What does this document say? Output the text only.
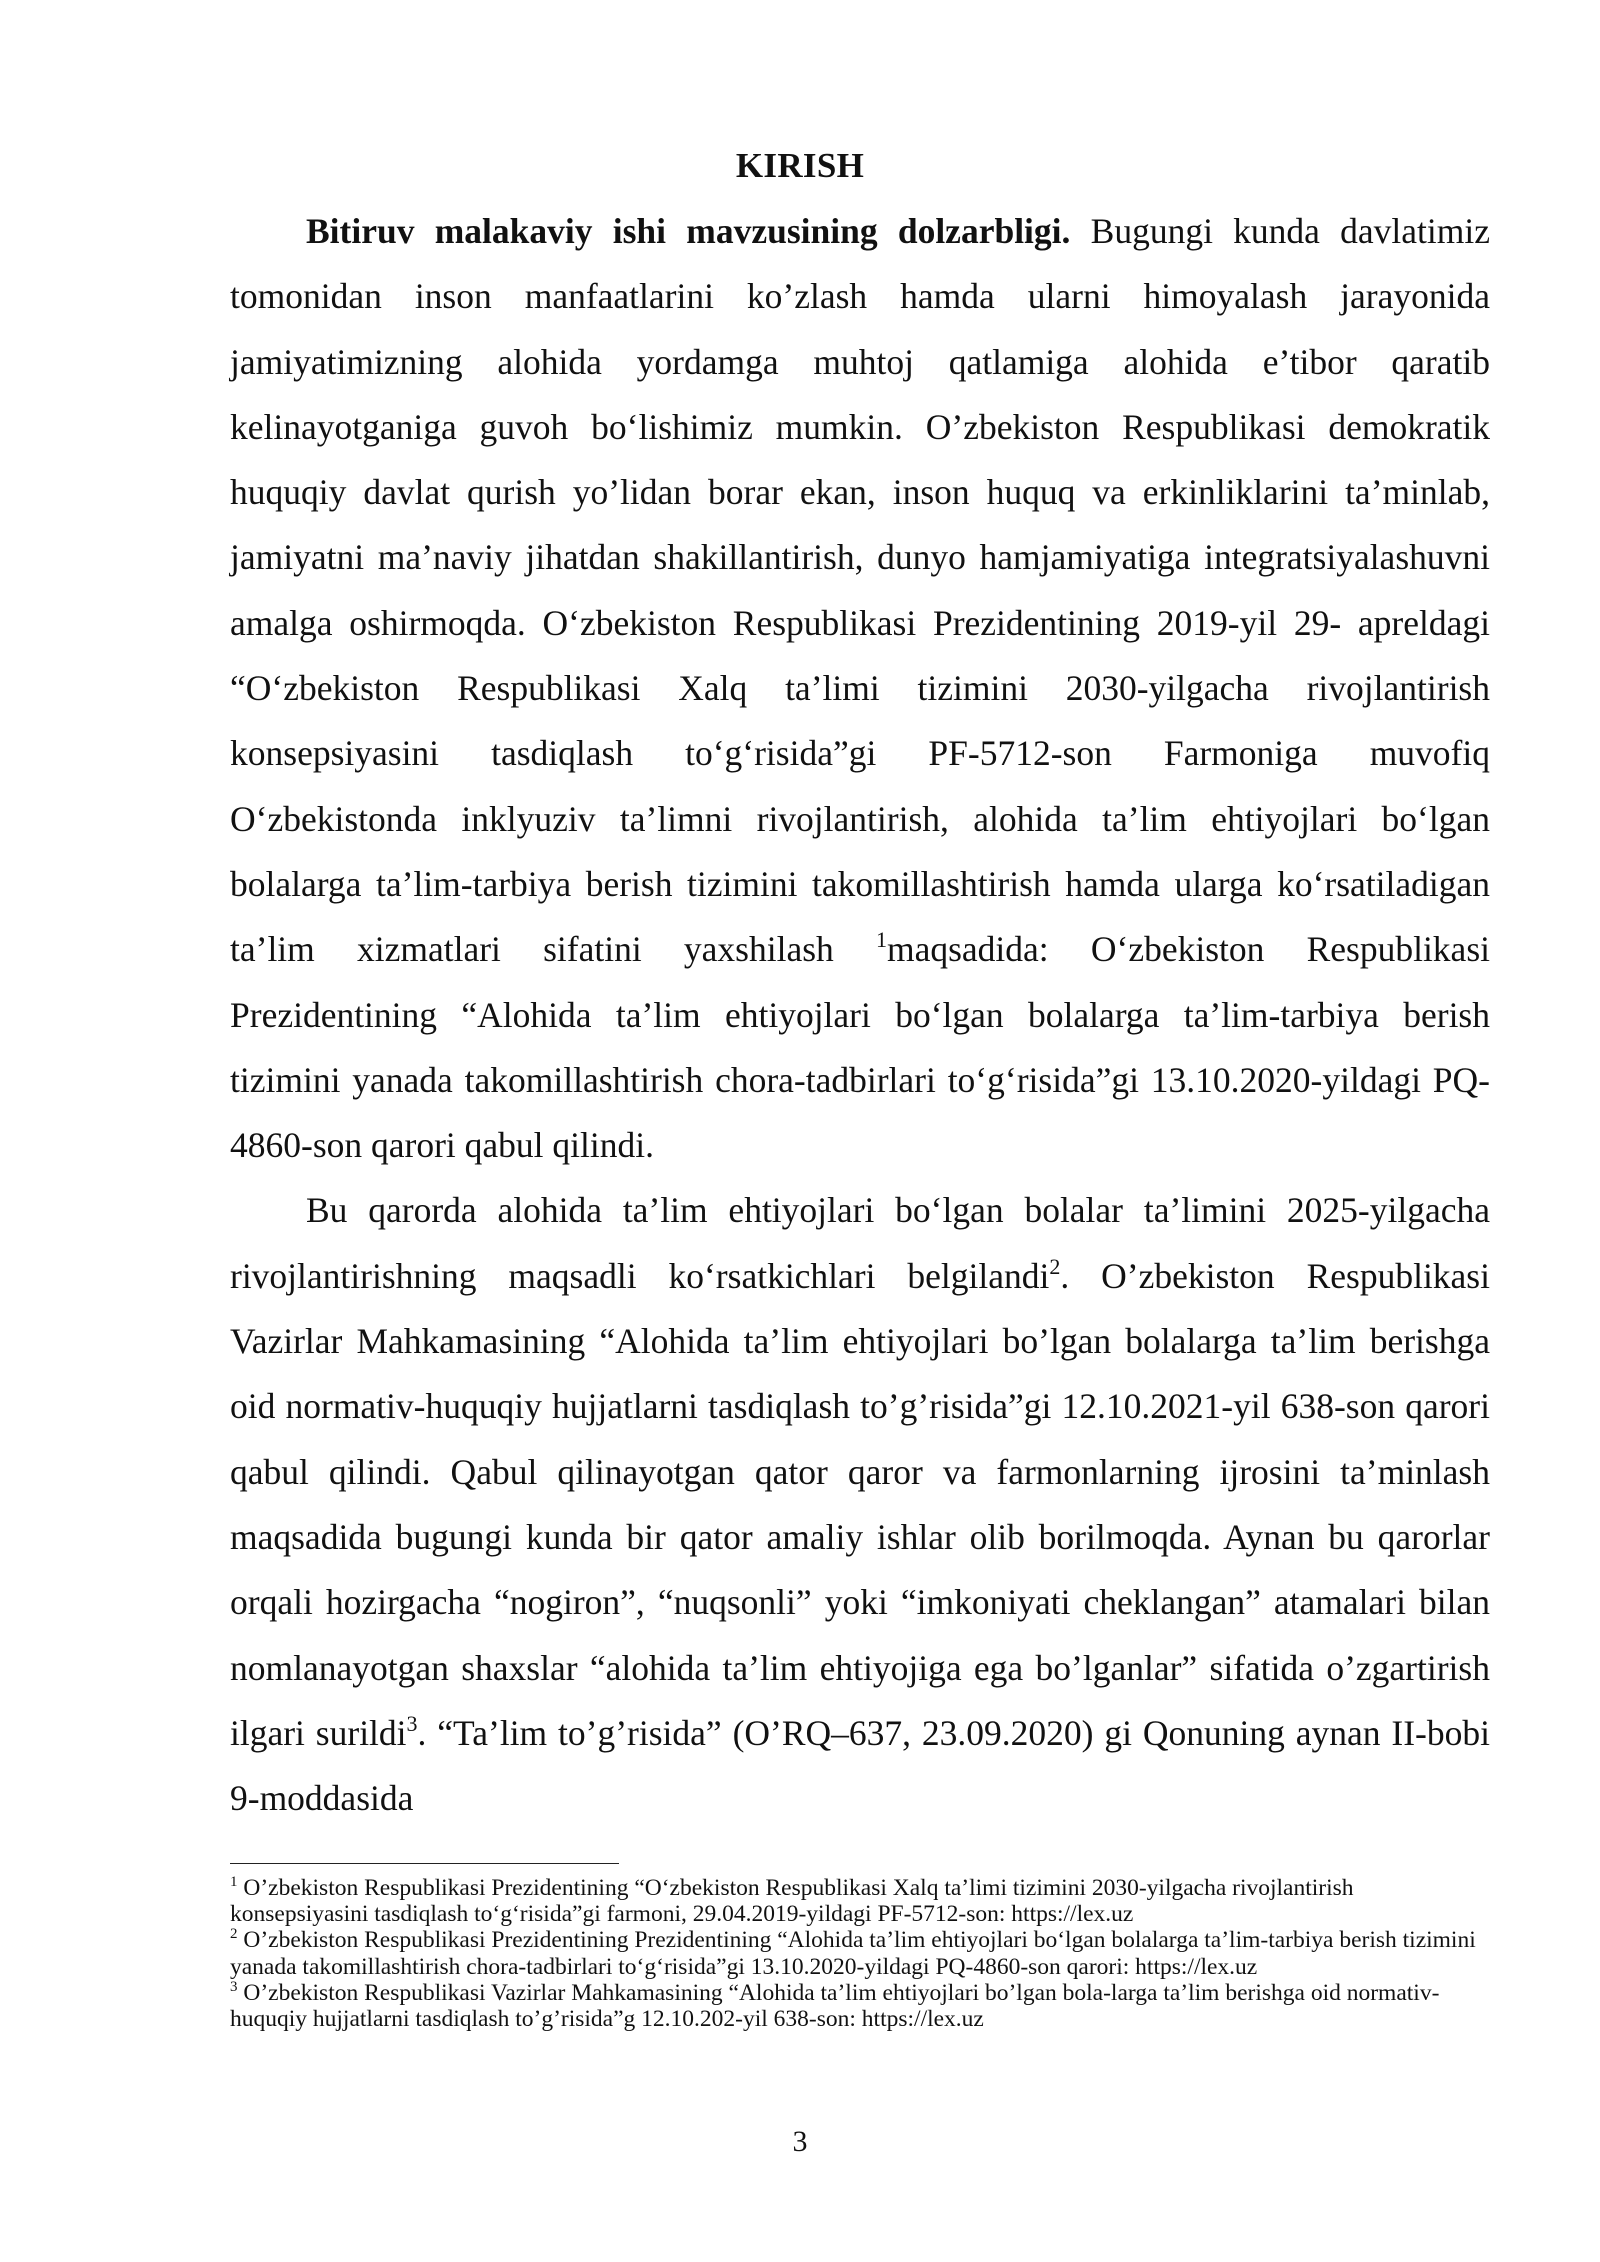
KIRISH

Bitiruv malakaviy ishi mavzusining dolzarbligi. Bugungi kunda davlatimiz tomonidan inson manfaatlarini ko’zlash hamda ularni himoyalash jarayonida jamiyatimizning alohida yordamga muhtoj qatlamiga alohida e’tibor qaratib kelinayotganiga guvoh boʻlishimiz mumkin. O’zbekiston Respublikasi demokratik huquqiy davlat qurish yo’lidan borar ekan, inson huquq va erkinliklarini ta’minlab, jamiyatni ma’naviy jihatdan shakillantirish, dunyo hamjamiyatiga integratsiyalashuvni amalga oshirmoqda. Oʻzbekiston Respublikasi Prezidentining 2019-yil 29- apreldagi “Oʻzbekiston Respublikasi Xalq ta’limi tizimini 2030-yilgacha rivojlantirish konsepsiyasini tasdiqlash toʻgʻrisida”gi PF-5712-son Farmoniga muvofiq Oʻzbekistonda inklyuziv ta’limni rivojlantirish, alohida ta’lim ehtiyojlari boʻlgan bolalarga ta’lim-tarbiya berish tizimini takomillashtirish hamda ularga koʻrsatiladigan ta’lim xizmatlari sifatini yaxshilash $^1$maqsadida: Oʻzbekiston Respublikasi Prezidentining “Alohida ta’lim ehtiyojlari boʻlgan bolalarga ta’lim-tarbiya berish tizimini yanada takomillashtirish chora-tadbirlari toʻgʻrisida”gi 13.10.2020-yildagi PQ-4860-son qarori qabul qilindi.

Bu qarorda alohida ta’lim ehtiyojlari boʻlgan bolalar ta’limini 2025-yilgacha rivojlantirishning maqsadli koʻrsatkichlari belgilandi$^2$. O’zbekiston Respublikasi Vazirlar Mahkamasining “Alohida ta’lim ehtiyojlari bo’lgan bolalarga ta’lim berishga oid normativ-huquqiy hujjatlarni tasdiqlash to’g’risida”gi 12.10.2021-yil 638-son qarori qabul qilindi. Qabul qilinayotgan qator qaror va farmonlarning ijrosini ta’minlash maqsadida bugungi kunda bir qator amaliy ishlar olib borilmoqda. Aynan bu qarorlar orqali hozirgacha “nogiron”, “nuqsonli” yoki “imkoniyati cheklangan” atamalari bilan nomlanayotgan shaxslar “alohida ta’lim ehtiyojiga ega bo’lganlar” sifatida o’zgartirish ilgari surildi$^3$. “Ta’lim to’g’risida” (O’RQ–637, 23.09.2020) gi Qonuning aynan II-bobi 9-moddasida

$^1$ O’zbekiston Respublikasi Prezidentining “Oʻzbekiston Respublikasi Xalq ta’limi tizimini 2030-yilgacha rivojlantirish konsepsiyasini tasdiqlash toʻgʻrisida”gi farmoni, 29.04.2019-yildagi PF-5712-son: https://lex.uz

$^2$ O’zbekiston Respublikasi Prezidentining Prezidentining “Alohida ta’lim ehtiyojlari boʻlgan bolalarga ta’lim-tarbiya berish tizimini yanada takomillashtirish chora-tadbirlari toʻgʻrisida”gi 13.10.2020-yildagi PQ-4860-son qarori: https://lex.uz

$^3$ O’zbekiston Respublikasi Vazirlar Mahkamasining “Alohida ta’lim ehtiyojlari bo’lgan bola-larga ta’lim berishga oid normativ-huquqiy hujjatlarni tasdiqlash to’g’risida”g 12.10.202-yil 638-son: https://lex.uz

3
